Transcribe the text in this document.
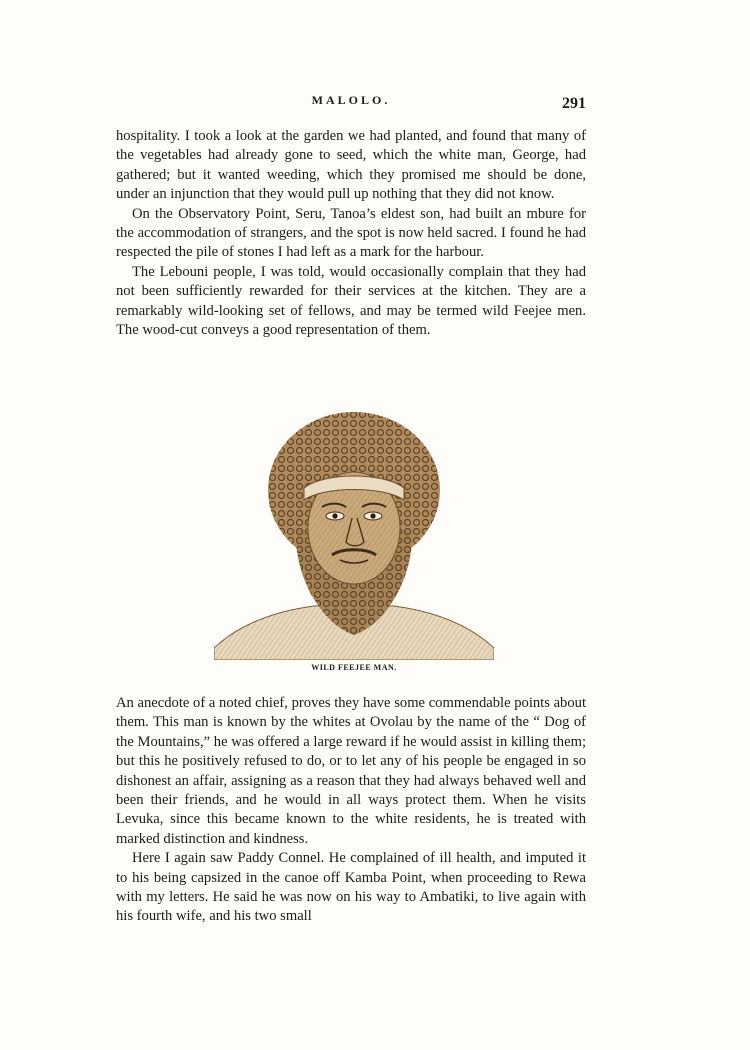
MALOLO.	291

hospitality. I took a look at the garden we had planted, and found that many of the vegetables had already gone to seed, which the white man, George, had gathered; but it wanted weeding, which they promised me should be done, under an injunction that they would pull up nothing that they did not know.

On the Observatory Point, Seru, Tanoa’s eldest son, had built an mbure for the accommodation of strangers, and the spot is now held sacred. I found he had respected the pile of stones I had left as a mark for the harbour.

The Lebouni people, I was told, would occasionally complain that they had not been sufficiently rewarded for their services at the kitchen. They are a remarkably wild-looking set of fellows, and may be termed wild Feejee men. The wood-cut conveys a good representation of them.

WILD FEEJEE MAN.

An anecdote of a noted chief, proves they have some commendable points about them. This man is known by the whites at Ovolau by the name of the “ Dog of the Mountains,” he was offered a large reward if he would assist in killing them; but this he positively refused to do, or to let any of his people be engaged in so dishonest an affair, assigning as a reason that they had always behaved well and been their friends, and he would in all ways protect them. When he visits Levuka, since this became known to the white residents, he is treated with marked distinction and kindness.

Here I again saw Paddy Connel. He complained of ill health, and imputed it to his being capsized in the canoe off Kamba Point, when proceeding to Rewa with my letters. He said he was now on his way to Ambatiki, to live again with his fourth wife, and his two small
